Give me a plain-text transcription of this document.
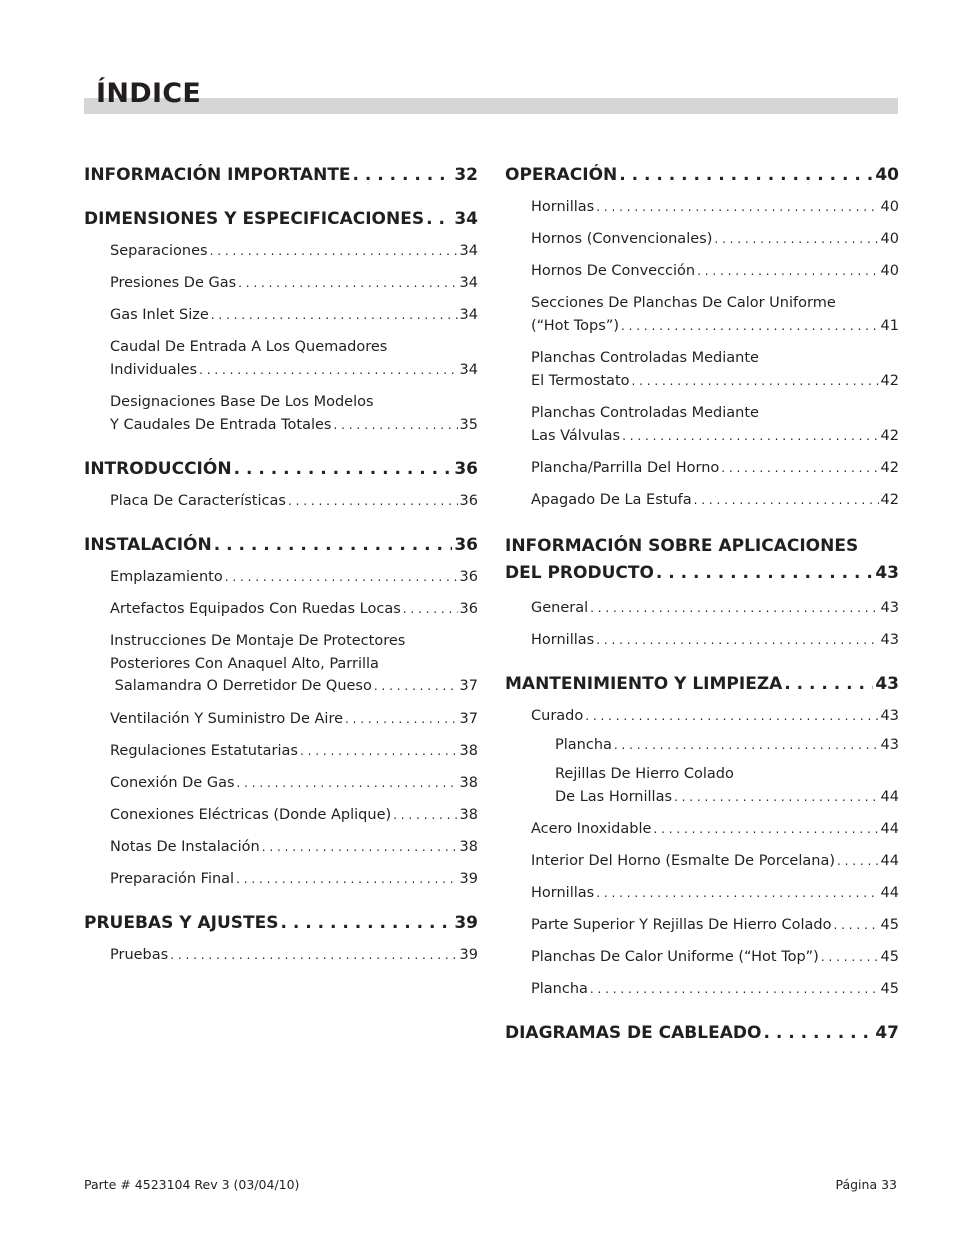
ÍNDICE
INFORMACIÓN IMPORTANTE . . .	32
DIMENSIONES Y ESPECIFICACIONES . . . 34
Separaciones . . .	34
Presiones De Gas . . .	34
Gas Inlet Size . . .	34
Caudal De Entrada A Los Quemadores
Individuales . . .	34
Designaciones Base De Los Modelos
Y Caudales De Entrada Totales . . .	35
INTRODUCCIÓN . . .	36
Placa De Características . . .	36
INSTALACIÓN . . .	36
Emplazamiento . . .	36
Artefactos Equipados Con Ruedas Locas . . .	36
Instrucciones De Montaje De Protectores
Posteriores Con Anaquel Alto, Parrilla
Salamandra O Derretidor De Queso . . .	37
Ventilación Y Suministro De Aire . . .	37
Regulaciones Estatutarias . . .	38
Conexión De Gas . . .	38
Conexiones Eléctricas (Donde Aplique) . . .	38
Notas De Instalación . . .	38
Preparación Final . . .	39
PRUEBAS Y AJUSTES . . .	39
Pruebas . . .	39
OPERACIÓN . . .	40
Hornillas . . .	40
Hornos (Convencionales) . . .	40
Hornos De Convección . . .	40
Secciones De Planchas De Calor Uniforme
(“Hot Tops”) . . .	41
Planchas Controladas Mediante
El Termostato . . .	42
Planchas Controladas Mediante
Las Válvulas . . .	42
Plancha/Parrilla Del Horno . . .	42
Apagado De La Estufa . . .	42
INFORMACIÓN SOBRE APLICACIONES
DEL PRODUCTO . . .	43
General . . .	43
Hornillas . . .	43
MANTENIMIENTO Y LIMPIEZA . . .	43
Curado . . .	43
Plancha . . .	43
Rejillas De Hierro Colado
De Las Hornillas . . .	44
Acero Inoxidable . . .	44
Interior Del Horno (Esmalte De Porcelana) . . .	44
Hornillas . . .	44
Parte Superior Y Rejillas De Hierro Colado . . .	45
Planchas De Calor Uniforme (“Hot Top”) . . .	45
Plancha . . .	45
DIAGRAMAS DE CABLEADO . . .	47
Parte # 4523104 Rev 3 (03/04/10)	Página 33
